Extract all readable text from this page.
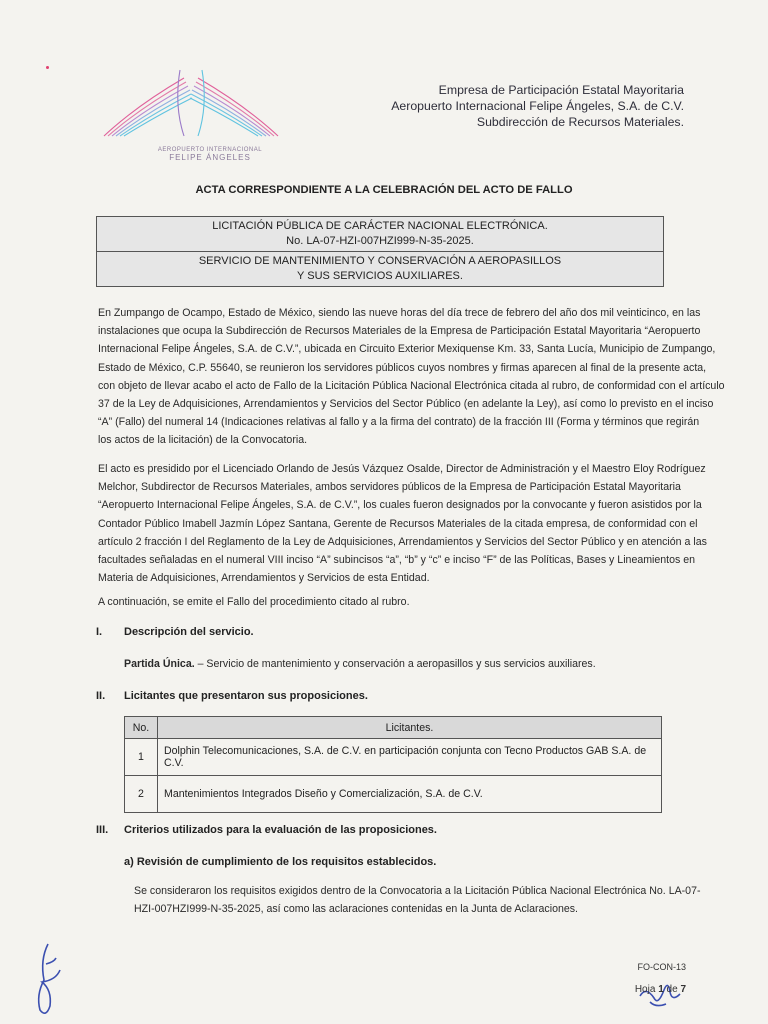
AEROPUERTO INTERNACIONAL
FELIPE ÁNGELES
Empresa de Participación Estatal Mayoritaria
Aeropuerto Internacional Felipe Ángeles, S.A. de C.V.
Subdirección de Recursos Materiales.
ACTA CORRESPONDIENTE A LA CELEBRACIÓN DEL ACTO DE FALLO
LICITACIÓN PÚBLICA DE CARÁCTER NACIONAL ELECTRÓNICA.
No. LA-07-HZI-007HZI999-N-35-2025.
SERVICIO DE MANTENIMIENTO Y CONSERVACIÓN A AEROPASILLOS
Y SUS SERVICIOS AUXILIARES.
En Zumpango de Ocampo, Estado de México, siendo las nueve horas del día trece de febrero del año dos mil veinticinco, en las
instalaciones que ocupa la Subdirección de Recursos Materiales de la Empresa de Participación Estatal Mayoritaria “Aeropuerto
Internacional Felipe Ángeles, S.A. de C.V.”, ubicada en Circuito Exterior Mexiquense Km. 33, Santa Lucía, Municipio de Zumpango,
Estado de México, C.P. 55640, se reunieron los servidores públicos cuyos nombres y firmas aparecen al final de la presente acta,
con objeto de llevar acabo el acto de Fallo de la Licitación Pública Nacional Electrónica citada al rubro, de conformidad con el artículo
37 de la Ley de Adquisiciones, Arrendamientos y Servicios del Sector Público (en adelante la Ley), así como lo previsto en el inciso
“A” (Fallo) del numeral 14 (Indicaciones relativas al fallo y a la firma del contrato) de la fracción III (Forma y términos que regirán
los actos de la licitación) de la Convocatoria.
El acto es presidido por el Licenciado Orlando de Jesús Vázquez Osalde, Director de Administración y el Maestro Eloy Rodríguez
Melchor, Subdirector de Recursos Materiales, ambos servidores públicos de la Empresa de Participación Estatal Mayoritaria
“Aeropuerto Internacional Felipe Ángeles, S.A. de C.V.”, los cuales fueron designados por la convocante y fueron asistidos por la
Contador Público Imabell Jazmín López Santana, Gerente de Recursos Materiales de la citada empresa, de conformidad con el
artículo 2 fracción I del Reglamento de la Ley de Adquisiciones, Arrendamientos y Servicios del Sector Público y en atención a las
facultades señaladas en el numeral VIII inciso “A” subincisos “a”, “b” y “c” e inciso “F” de las Políticas, Bases y Lineamientos en
Materia de Adquisiciones, Arrendamientos y Servicios de esta Entidad.
A continuación, se emite el Fallo del procedimiento citado al rubro.
I. Descripción del servicio.
Partida Única. – Servicio de mantenimiento y conservación a aeropasillos y sus servicios auxiliares.
II. Licitantes que presentaron sus proposiciones.
No.	Licitantes.
1	Dolphin Telecomunicaciones, S.A. de C.V. en participación conjunta con Tecno Productos GAB S.A. de C.V.
2	Mantenimientos Integrados Diseño y Comercialización, S.A. de C.V.
III. Criterios utilizados para la evaluación de las proposiciones.
a) Revisión de cumplimiento de los requisitos establecidos.
Se consideraron los requisitos exigidos dentro de la Convocatoria a la Licitación Pública Nacional Electrónica No. LA-07-
HZI-007HZI999-N-35-2025, así como las aclaraciones contenidas en la Junta de Aclaraciones.
FO-CON-13
Hoja 1 de 7
